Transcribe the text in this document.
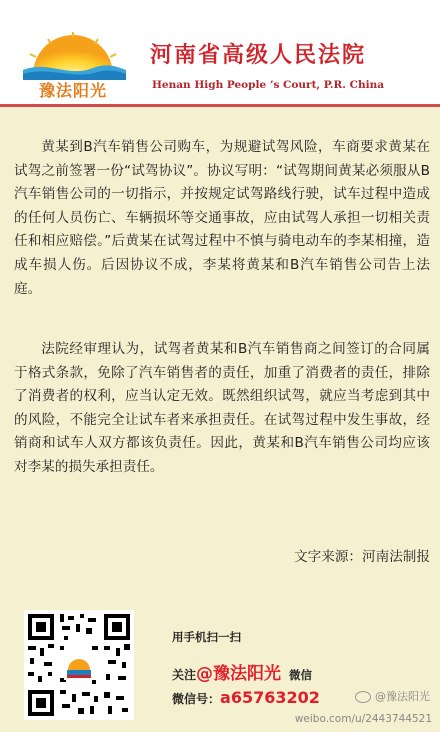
豫法阳光
河南省高级人民法院
Henan High People ’s Court, P.R. China

黄某到B汽车销售公司购车，为规避试驾风险，车商要求黄某在试驾之前签署一份“试驾协议”。协议写明：“试驾期间黄某必须服从B汽车销售公司的一切指示，并按规定试驾路线行驶，试车过程中造成的任何人员伤亡、车辆损坏等交通事故，应由试驾人承担一切相关责任和相应赔偿。”后黄某在试驾过程中不慎与骑电动车的李某相撞，造成车损人伤。后因协议不成，李某将黄某和B汽车销售公司告上法庭。

法院经审理认为，试驾者黄某和B汽车销售商之间签订的合同属于格式条款，免除了汽车销售者的责任，加重了消费者的责任，排除了消费者的权利，应当认定无效。既然组织试驾，就应当考虑到其中的风险，不能完全让试车者来承担责任。在试驾过程中发生事故，经销商和试车人双方都该负责任。因此，黄某和B汽车销售公司均应该对李某的损失承担责任。

文字来源：河南法制报
用手机扫一扫
关注@豫法阳光 微信
微信号：a65763202	@豫法阳光
weibo.com/u/2443744521
